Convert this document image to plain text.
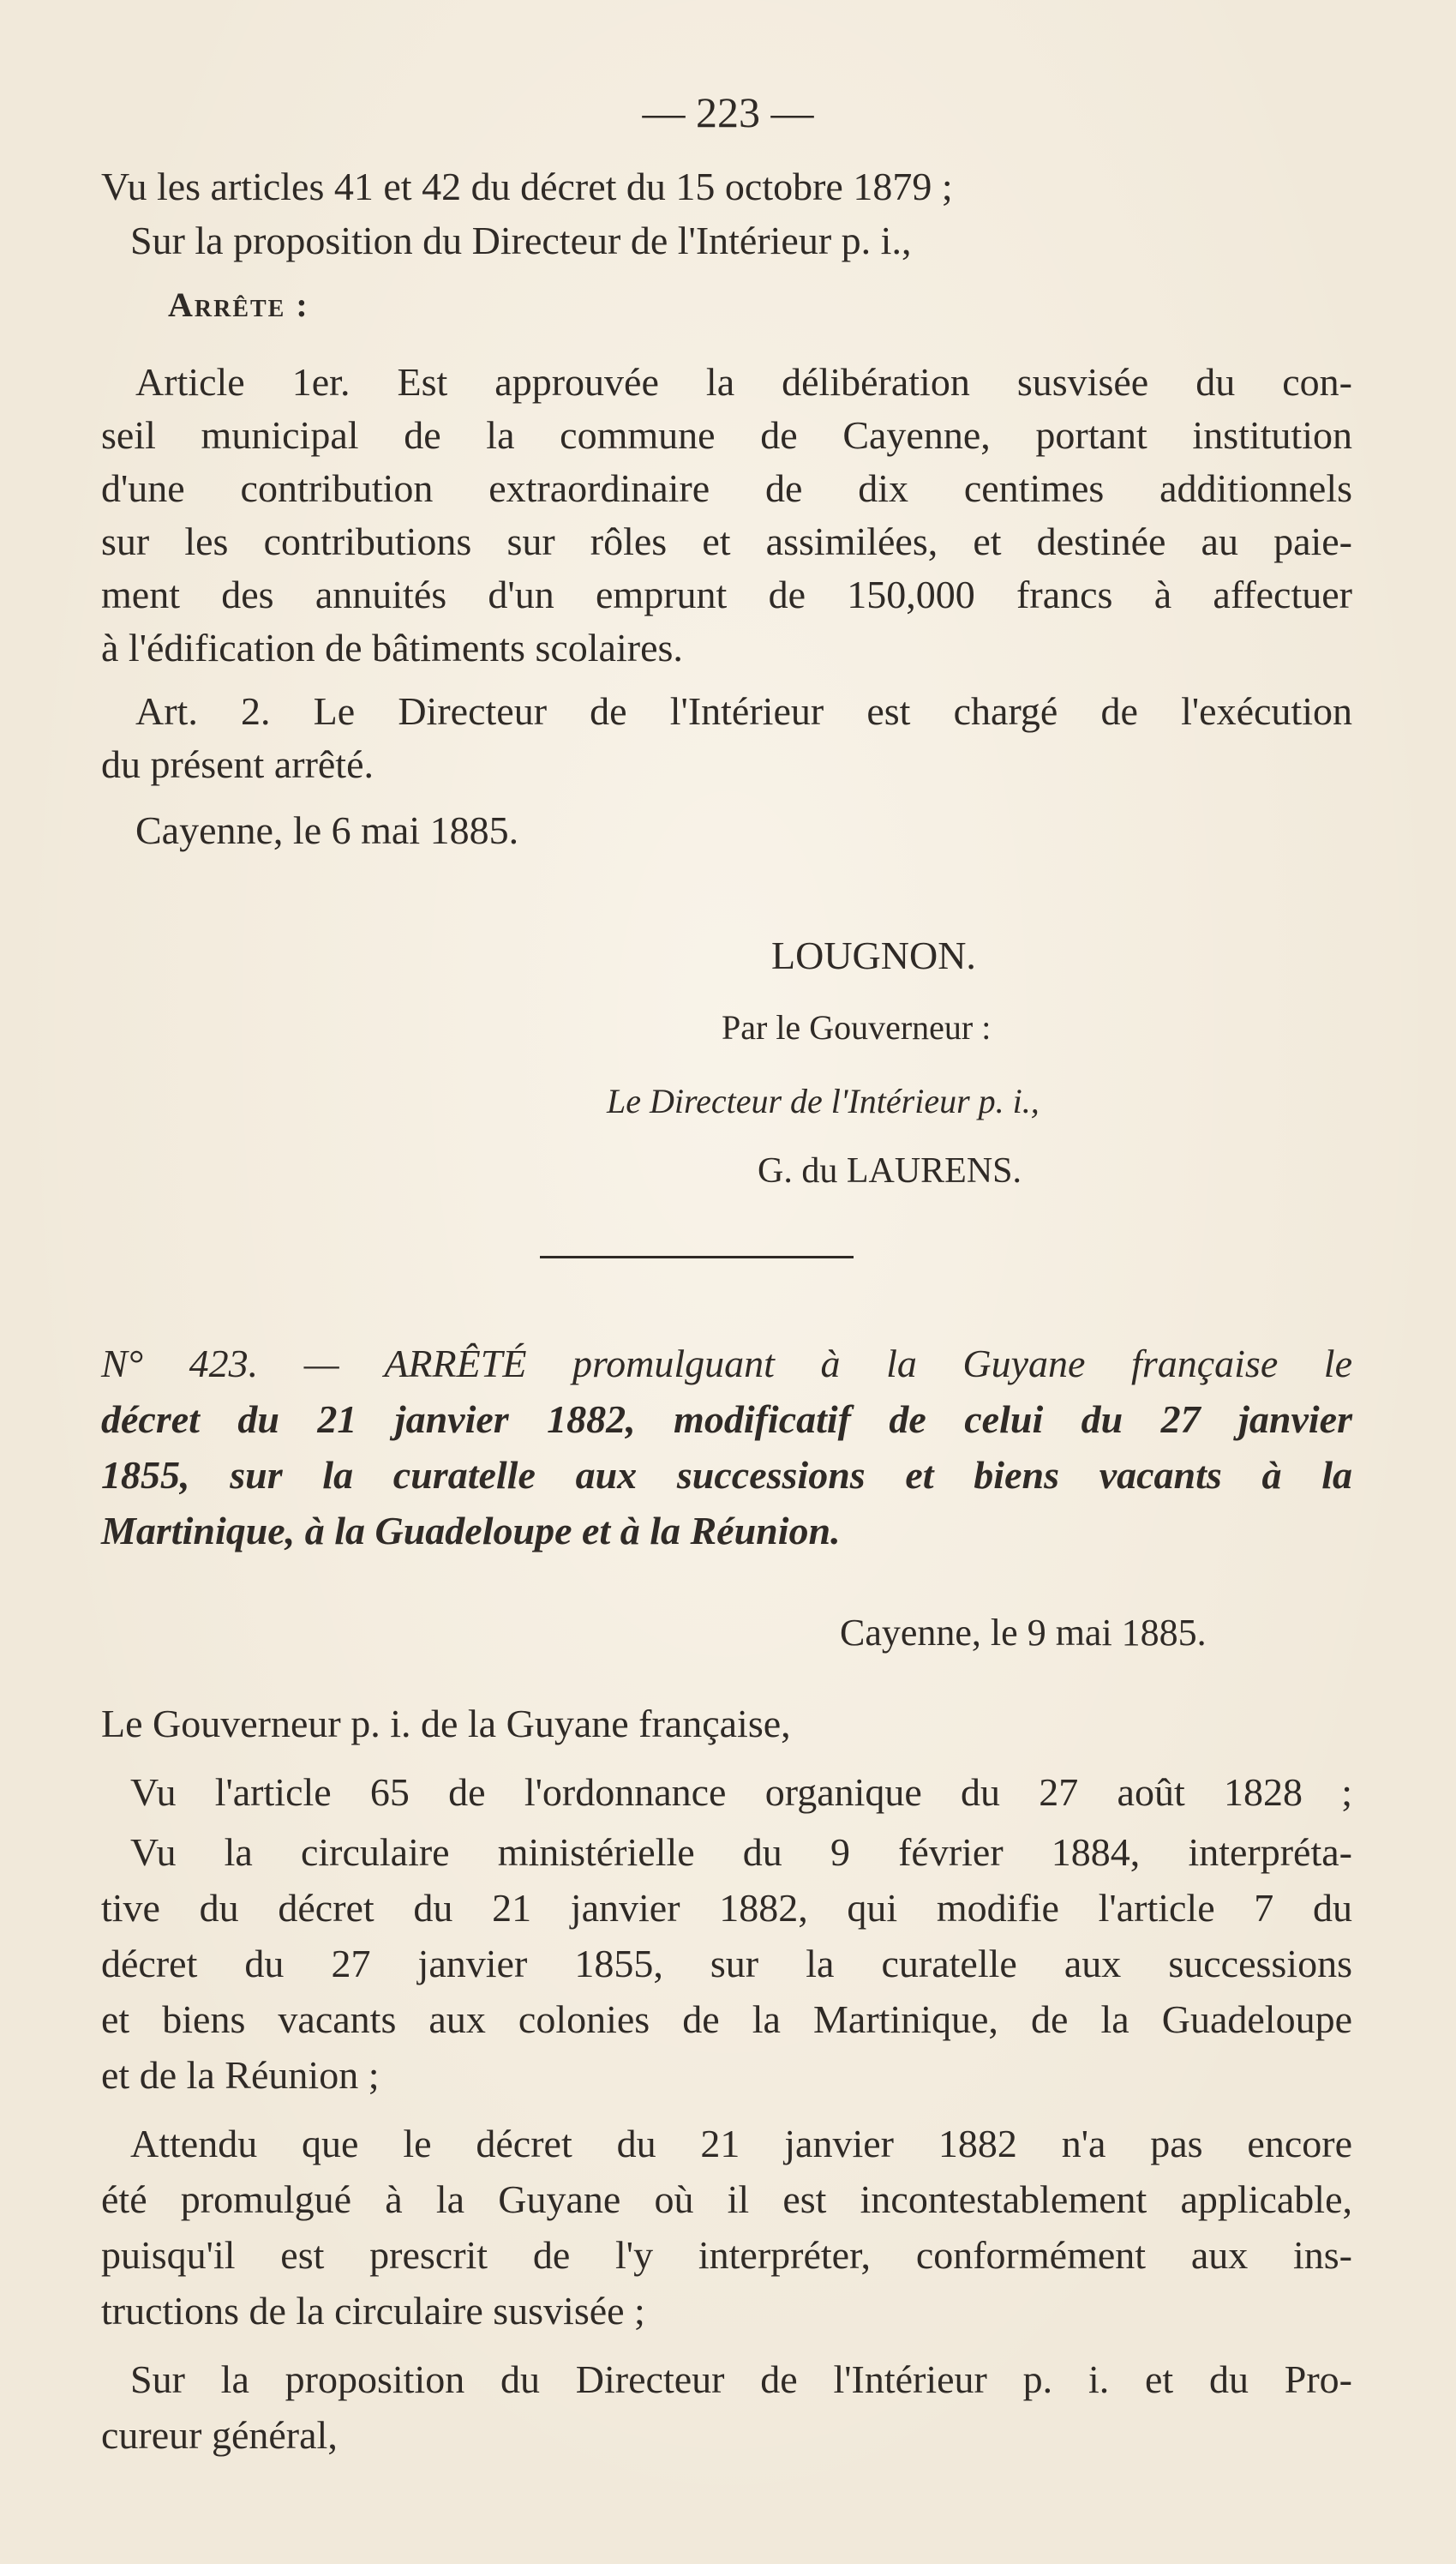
— 223 —
Vu les articles 41 et 42 du décret du 15 octobre 1879 ;
Sur la proposition du Directeur de l'Intérieur p. i.,
Arrête :
Article 1er. Est approuvée la délibération susvisée du con-
seil municipal de la commune de Cayenne, portant institution
d'une contribution extraordinaire de dix centimes additionnels
sur les contributions sur rôles et assimilées, et destinée au paie-
ment des annuités d'un emprunt de 150,000 francs à affectuer
à l'édification de bâtiments scolaires.
Art. 2. Le Directeur de l'Intérieur est chargé de l'exécution
du présent arrêté.
Cayenne, le 6 mai 1885.
LOUGNON.
Par le Gouverneur :
Le Directeur de l'Intérieur p. i.,
G. du LAURENS.
N° 423. — ARRÊTÉ promulguant à la Guyane française le
décret du 21 janvier 1882, modificatif de celui du 27 janvier
1855, sur la curatelle aux successions et biens vacants à la
Martinique, à la Guadeloupe et à la Réunion.
Cayenne, le 9 mai 1885.
Le Gouverneur p. i. de la Guyane française,
Vu l'article 65 de l'ordonnance organique du 27 août 1828 ;
Vu la circulaire ministérielle du 9 février 1884, interpréta-
tive du décret du 21 janvier 1882, qui modifie l'article 7 du
décret du 27 janvier 1855, sur la curatelle aux successions
et biens vacants aux colonies de la Martinique, de la Guadeloupe
et de la Réunion ;
Attendu que le décret du 21 janvier 1882 n'a pas encore
été promulgué à la Guyane où il est incontestablement applicable,
puisqu'il est prescrit de l'y interpréter, conformément aux ins-
tructions de la circulaire susvisée ;
Sur la proposition du Directeur de l'Intérieur p. i. et du Pro-
cureur général,
